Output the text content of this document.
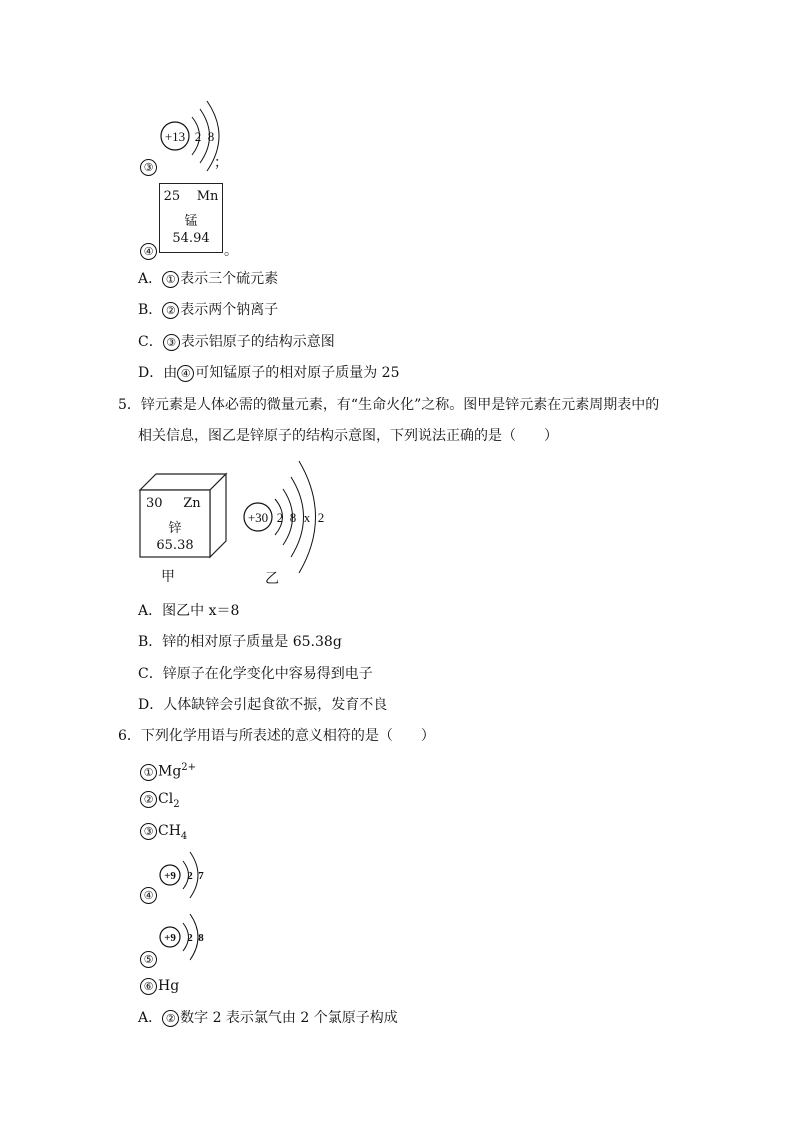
+13 2 8
③	；
25 Mn
锰
54.94
④	。
A． ① 表示三个硫元素
B． ② 表示两个钠离子
C． ③ 表示铝原子的结构示意图
D．由 ④ 可知锰原子的相对原子质量为 25
5．锌元素是人体必需的微量元素，有“生命火化”之称。图甲是锌元素在元素周期表中的
相关信息，图乙是锌原子的结构示意图，下列说法正确的是（　　）
30 Zn
锌
65.38
甲
+30 2 8 x 2
乙
A．图乙中 x＝8
B．锌的相对原子质量是 65.38g
C．锌原子在化学变化中容易得到电子
D．人体缺锌会引起食欲不振，发育不良
6．下列化学用语与所表述的意义相符的是（　　）
① $Mg^{2+}$
② $Cl_2$
③ $CH_4$
+9 2 7
④
+9 2 8
⑤
⑥ Hg
A． ② 数字 2 表示氯气由 2 个氯原子构成
